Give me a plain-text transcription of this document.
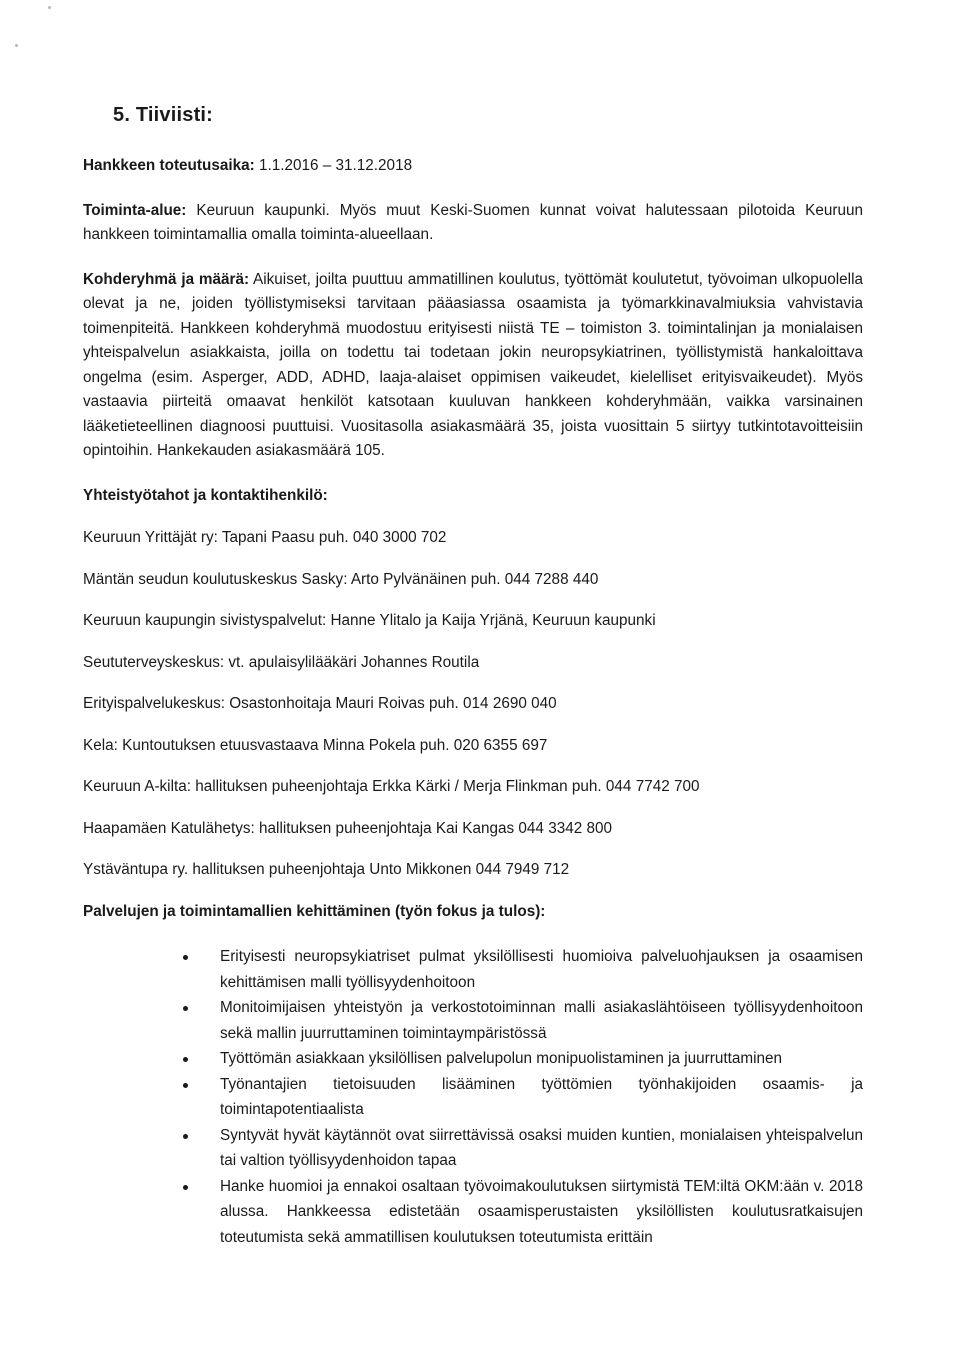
5. Tiiviisti:

Hankkeen toteutusaika: 1.1.2016 – 31.12.2018

Toiminta-alue: Keuruun kaupunki. Myös muut Keski-Suomen kunnat voivat halutessaan pilotoida Keuruun hankkeen toimintamallia omalla toiminta-alueellaan.

Kohderyhmä ja määrä: Aikuiset, joilta puuttuu ammatillinen koulutus, työttömät koulutetut, työvoiman ulkopuolella olevat ja ne, joiden työllistymiseksi tarvitaan pääasiassa osaamista ja työmarkkinavalmiuksia vahvistavia toimenpiteitä. Hankkeen kohderyhmä muodostuu erityisesti niistä TE – toimiston 3. toimintalinjan ja monialaisen yhteispalvelun asiakkaista, joilla on todettu tai todetaan jokin neuropsykiatrinen, työllistymistä hankaloittava ongelma (esim. Asperger, ADD, ADHD, laaja-alaiset oppimisen vaikeudet, kielelliset erityisvaikeudet). Myös vastaavia piirteitä omaavat henkilöt katsotaan kuuluvan hankkeen kohderyhmään, vaikka varsinainen lääketieteellinen diagnoosi puuttuisi. Vuositasolla asiakasmäärä 35, joista vuosittain 5 siirtyy tutkintotavoitteisiin opintoihin. Hankekauden asiakasmäärä 105.

Yhteistyötahot ja kontaktihenkilö:

Keuruun Yrittäjät ry: Tapani Paasu puh. 040 3000 702

Mäntän seudun koulutuskeskus Sasky: Arto Pylvänäinen puh. 044 7288 440

Keuruun kaupungin sivistyspalvelut: Hanne Ylitalo ja Kaija Yrjänä, Keuruun kaupunki

Seututerveyskeskus: vt. apulaisylilääkäri Johannes Routila

Erityispalvelukeskus: Osastonhoitaja Mauri Roivas puh. 014 2690 040

Kela: Kuntoutuksen etuusvastaava Minna Pokela puh. 020 6355 697

Keuruun A-kilta: hallituksen puheenjohtaja Erkka Kärki / Merja Flinkman puh. 044 7742 700

Haapamäen Katulähetys: hallituksen puheenjohtaja Kai Kangas 044 3342 800

Ystäväntupa ry. hallituksen puheenjohtaja Unto Mikkonen 044 7949 712

Palvelujen ja toimintamallien kehittäminen (työn fokus ja tulos):

Erityisesti neuropsykiatriset pulmat yksilöllisesti huomioiva palveluohjauksen ja osaamisen kehittämisen malli työllisyydenhoitoon
Monitoimijaisen yhteistyön ja verkostotoiminnan malli asiakaslähtöiseen työllisyydenhoitoon sekä mallin juurruttaminen toimintaympäristössä
Työttömän asiakkaan yksilöllisen palvelupolun monipuolistaminen ja juurruttaminen
Työnantajien tietoisuuden lisääminen työttömien työnhakijoiden osaamis- ja toimintapotentiaalista
Syntyvät hyvät käytännöt ovat siirrettävissä osaksi muiden kuntien, monialaisen yhteispalvelun tai valtion työllisyydenhoidon tapaa
Hanke huomioi ja ennakoi osaltaan työvoimakoulutuksen siirtymistä TEM:iltä OKM:ään v. 2018 alussa. Hankkeessa edistetään osaamisperustaisten yksilöllisten koulutusratkaisujen toteutumista sekä ammatillisen koulutuksen toteutumista erittäin
